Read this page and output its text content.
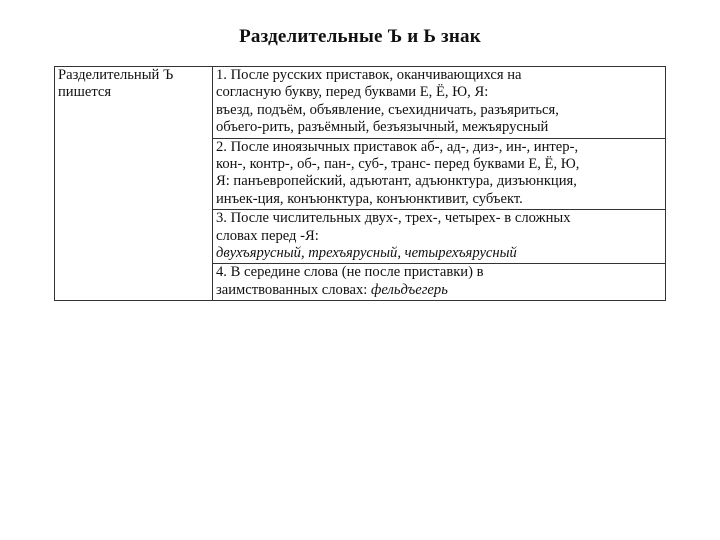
Разделительные Ъ и Ь знак
Разделительный Ъ
пишется

1. После русских приставок, оканчивающихся на
согласную букву, перед буквами Е, Ё, Ю, Я:
въезд, подъём, объявление, съехидничать, разъяриться,
объего-рить, разъёмный, безъязычный, межъярусный

2. После иноязычных приставок аб-, ад-, диз-, ин-, интер-,
кон-, контр-, об-, пан-, суб-, транс- перед буквами Е, Ё, Ю,
Я: панъевропейский, адъютант, адъюнктура, дизъюнкция,
инъек-ция, конъюнктура, конъюнктивит, субъект.

3. После числительных двух-, трех-, четырех- в сложных
словах перед -Я:
двухъярусный, трехъярусный, четырехъярусный

4. В середине слова (не после приставки) в
заимствованных словах: фельдъегерь
